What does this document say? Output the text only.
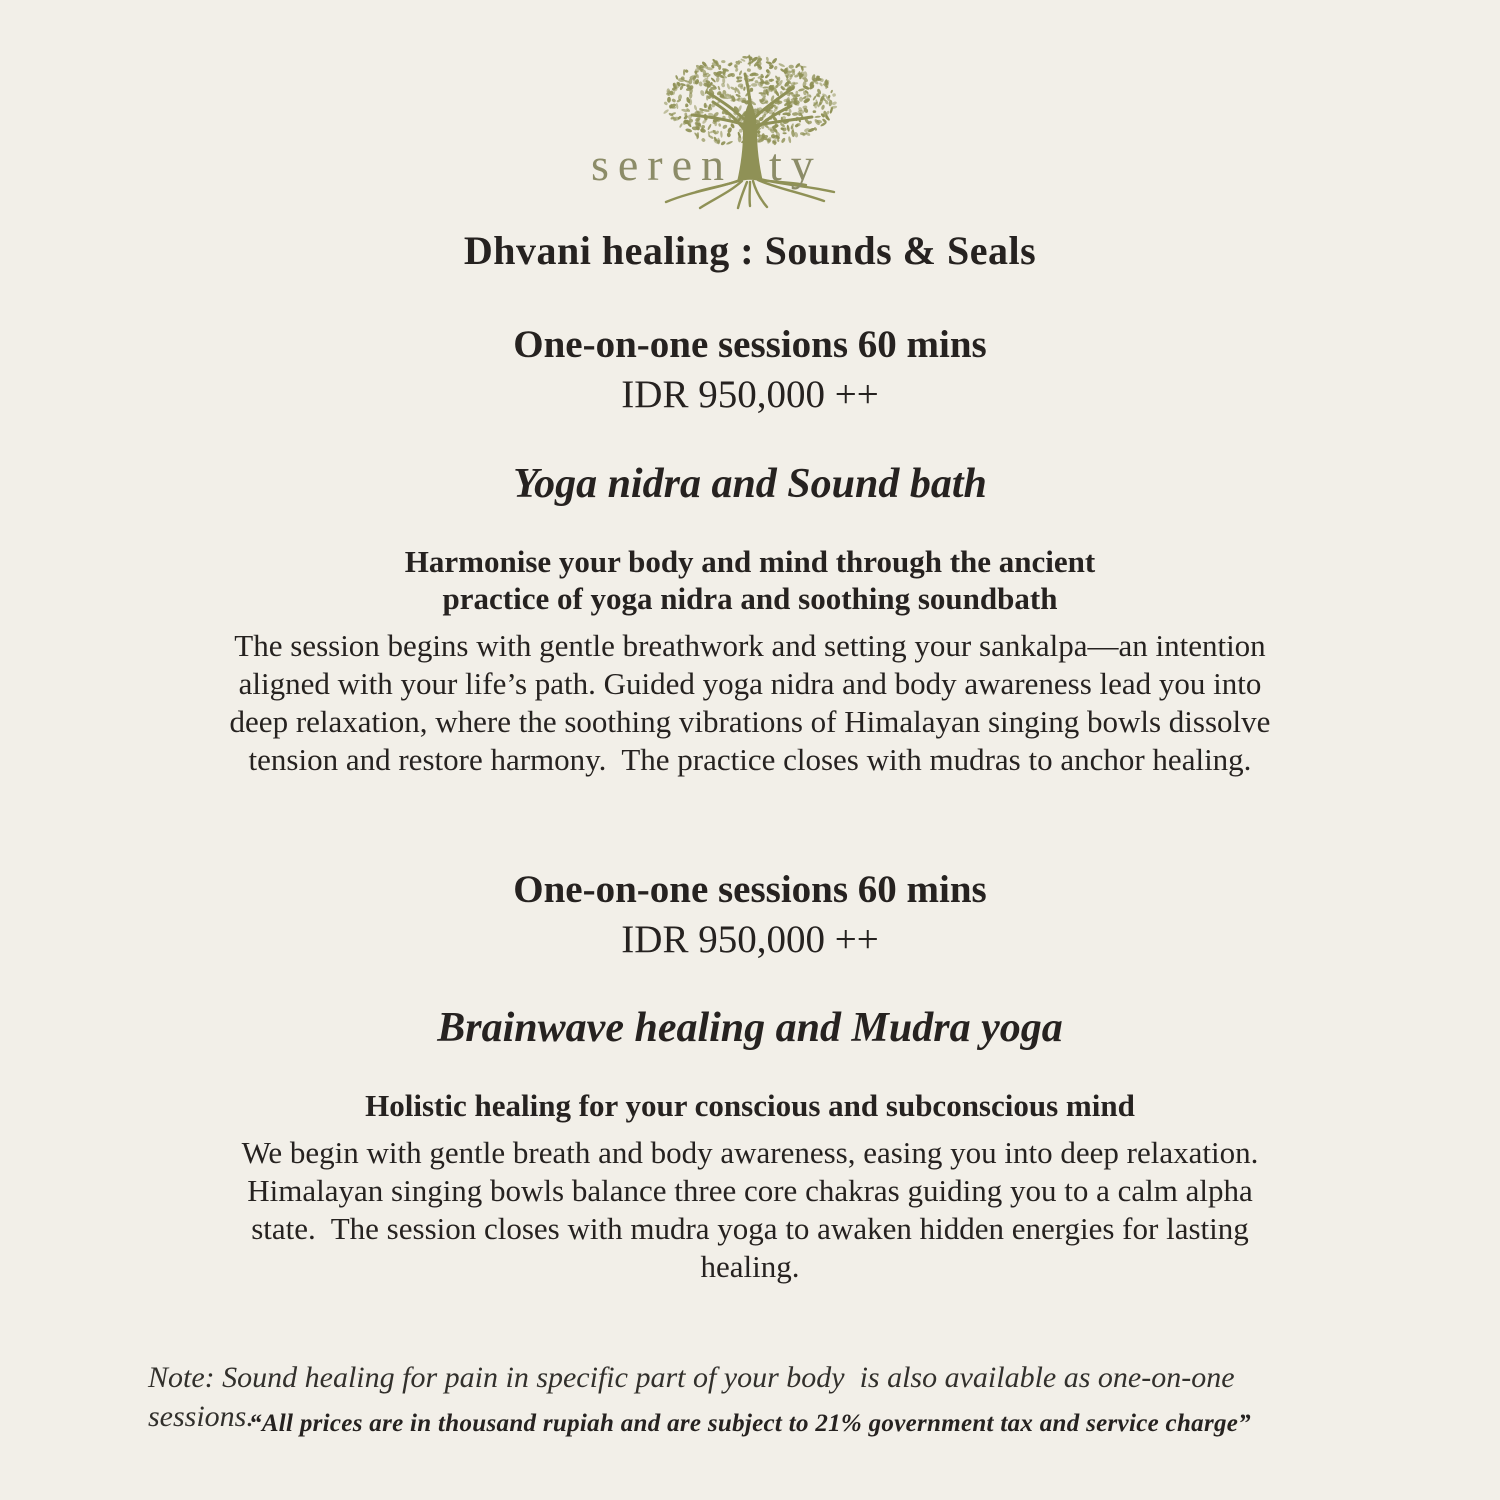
seren ty
Dhvani healing : Sounds & Seals
One-on-one sessions 60 mins
IDR 950,000 ++
Yoga nidra and Sound bath
Harmonise your body and mind through the ancient
practice of yoga nidra and soothing soundbath
The session begins with gentle breathwork and setting your sankalpa—an intention
aligned with your life’s path. Guided yoga nidra and body awareness lead you into
deep relaxation, where the soothing vibrations of Himalayan singing bowls dissolve
tension and restore harmony.  The practice closes with mudras to anchor healing.
One-on-one sessions 60 mins
IDR 950,000 ++
Brainwave healing and Mudra yoga
Holistic healing for your conscious and subconscious mind
We begin with gentle breath and body awareness, easing you into deep relaxation.
Himalayan singing bowls balance three core chakras guiding you to a calm alpha
state.  The session closes with mudra yoga to awaken hidden energies for lasting
healing.
Note: Sound healing for pain in specific part of your body  is also available as one-on-one
sessions.
“All prices are in thousand rupiah and are subject to 21% government tax and service charge”
